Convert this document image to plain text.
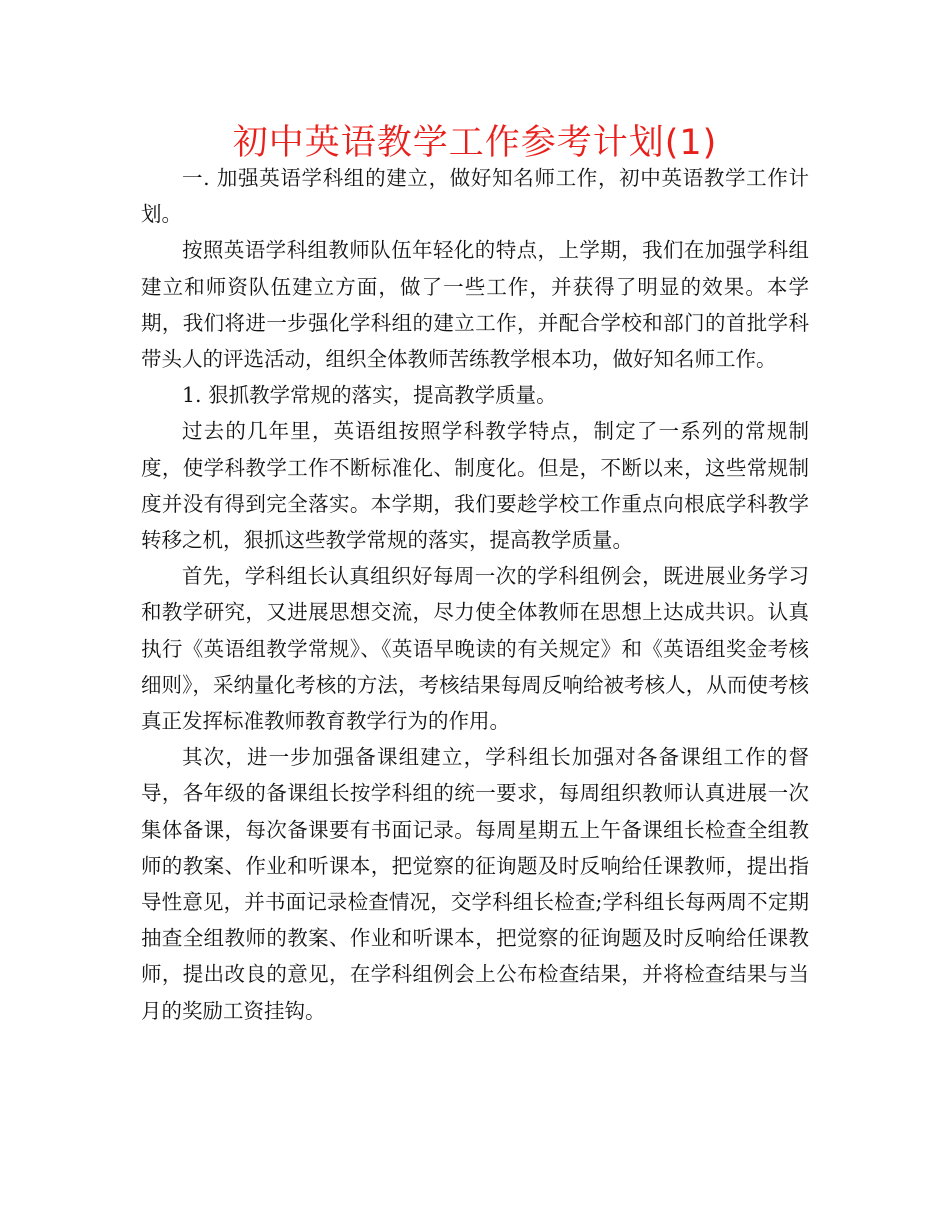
初中英语教学工作参考计划(1)

一. 加强英语学科组的建立，做好知名师工作，初中英语教学工作计划。

按照英语学科组教师队伍年轻化的特点，上学期，我们在加强学科组建立和师资队伍建立方面，做了一些工作，并获得了明显的效果。本学期，我们将进一步强化学科组的建立工作，并配合学校和部门的首批学科带头人的评选活动，组织全体教师苦练教学根本功，做好知名师工作。

1. 狠抓教学常规的落实，提高教学质量。

过去的几年里，英语组按照学科教学特点，制定了一系列的常规制度，使学科教学工作不断标准化、制度化。但是，不断以来，这些常规制度并没有得到完全落实。本学期，我们要趁学校工作重点向根底学科教学转移之机，狠抓这些教学常规的落实，提高教学质量。

首先，学科组长认真组织好每周一次的学科组例会，既进展业务学习和教学研究，又进展思想交流，尽力使全体教师在思想上达成共识。认真执行《英语组教学常规》、《英语早晚读的有关规定》和《英语组奖金考核细则》，采纳量化考核的方法，考核结果每周反响给被考核人，从而使考核真正发挥标准教师教育教学行为的作用。

其次，进一步加强备课组建立，学科组长加强对各备课组工作的督导，各年级的备课组长按学科组的统一要求，每周组织教师认真进展一次集体备课，每次备课要有书面记录。每周星期五上午备课组长检查全组教师的教案、作业和听课本，把觉察的征询题及时反响给任课教师，提出指导性意见，并书面记录检查情况，交学科组长检查;学科组长每两周不定期抽查全组教师的教案、作业和听课本，把觉察的征询题及时反响给任课教师，提出改良的意见，在学科组例会上公布检查结果，并将检查结果与当月的奖励工资挂钩。
